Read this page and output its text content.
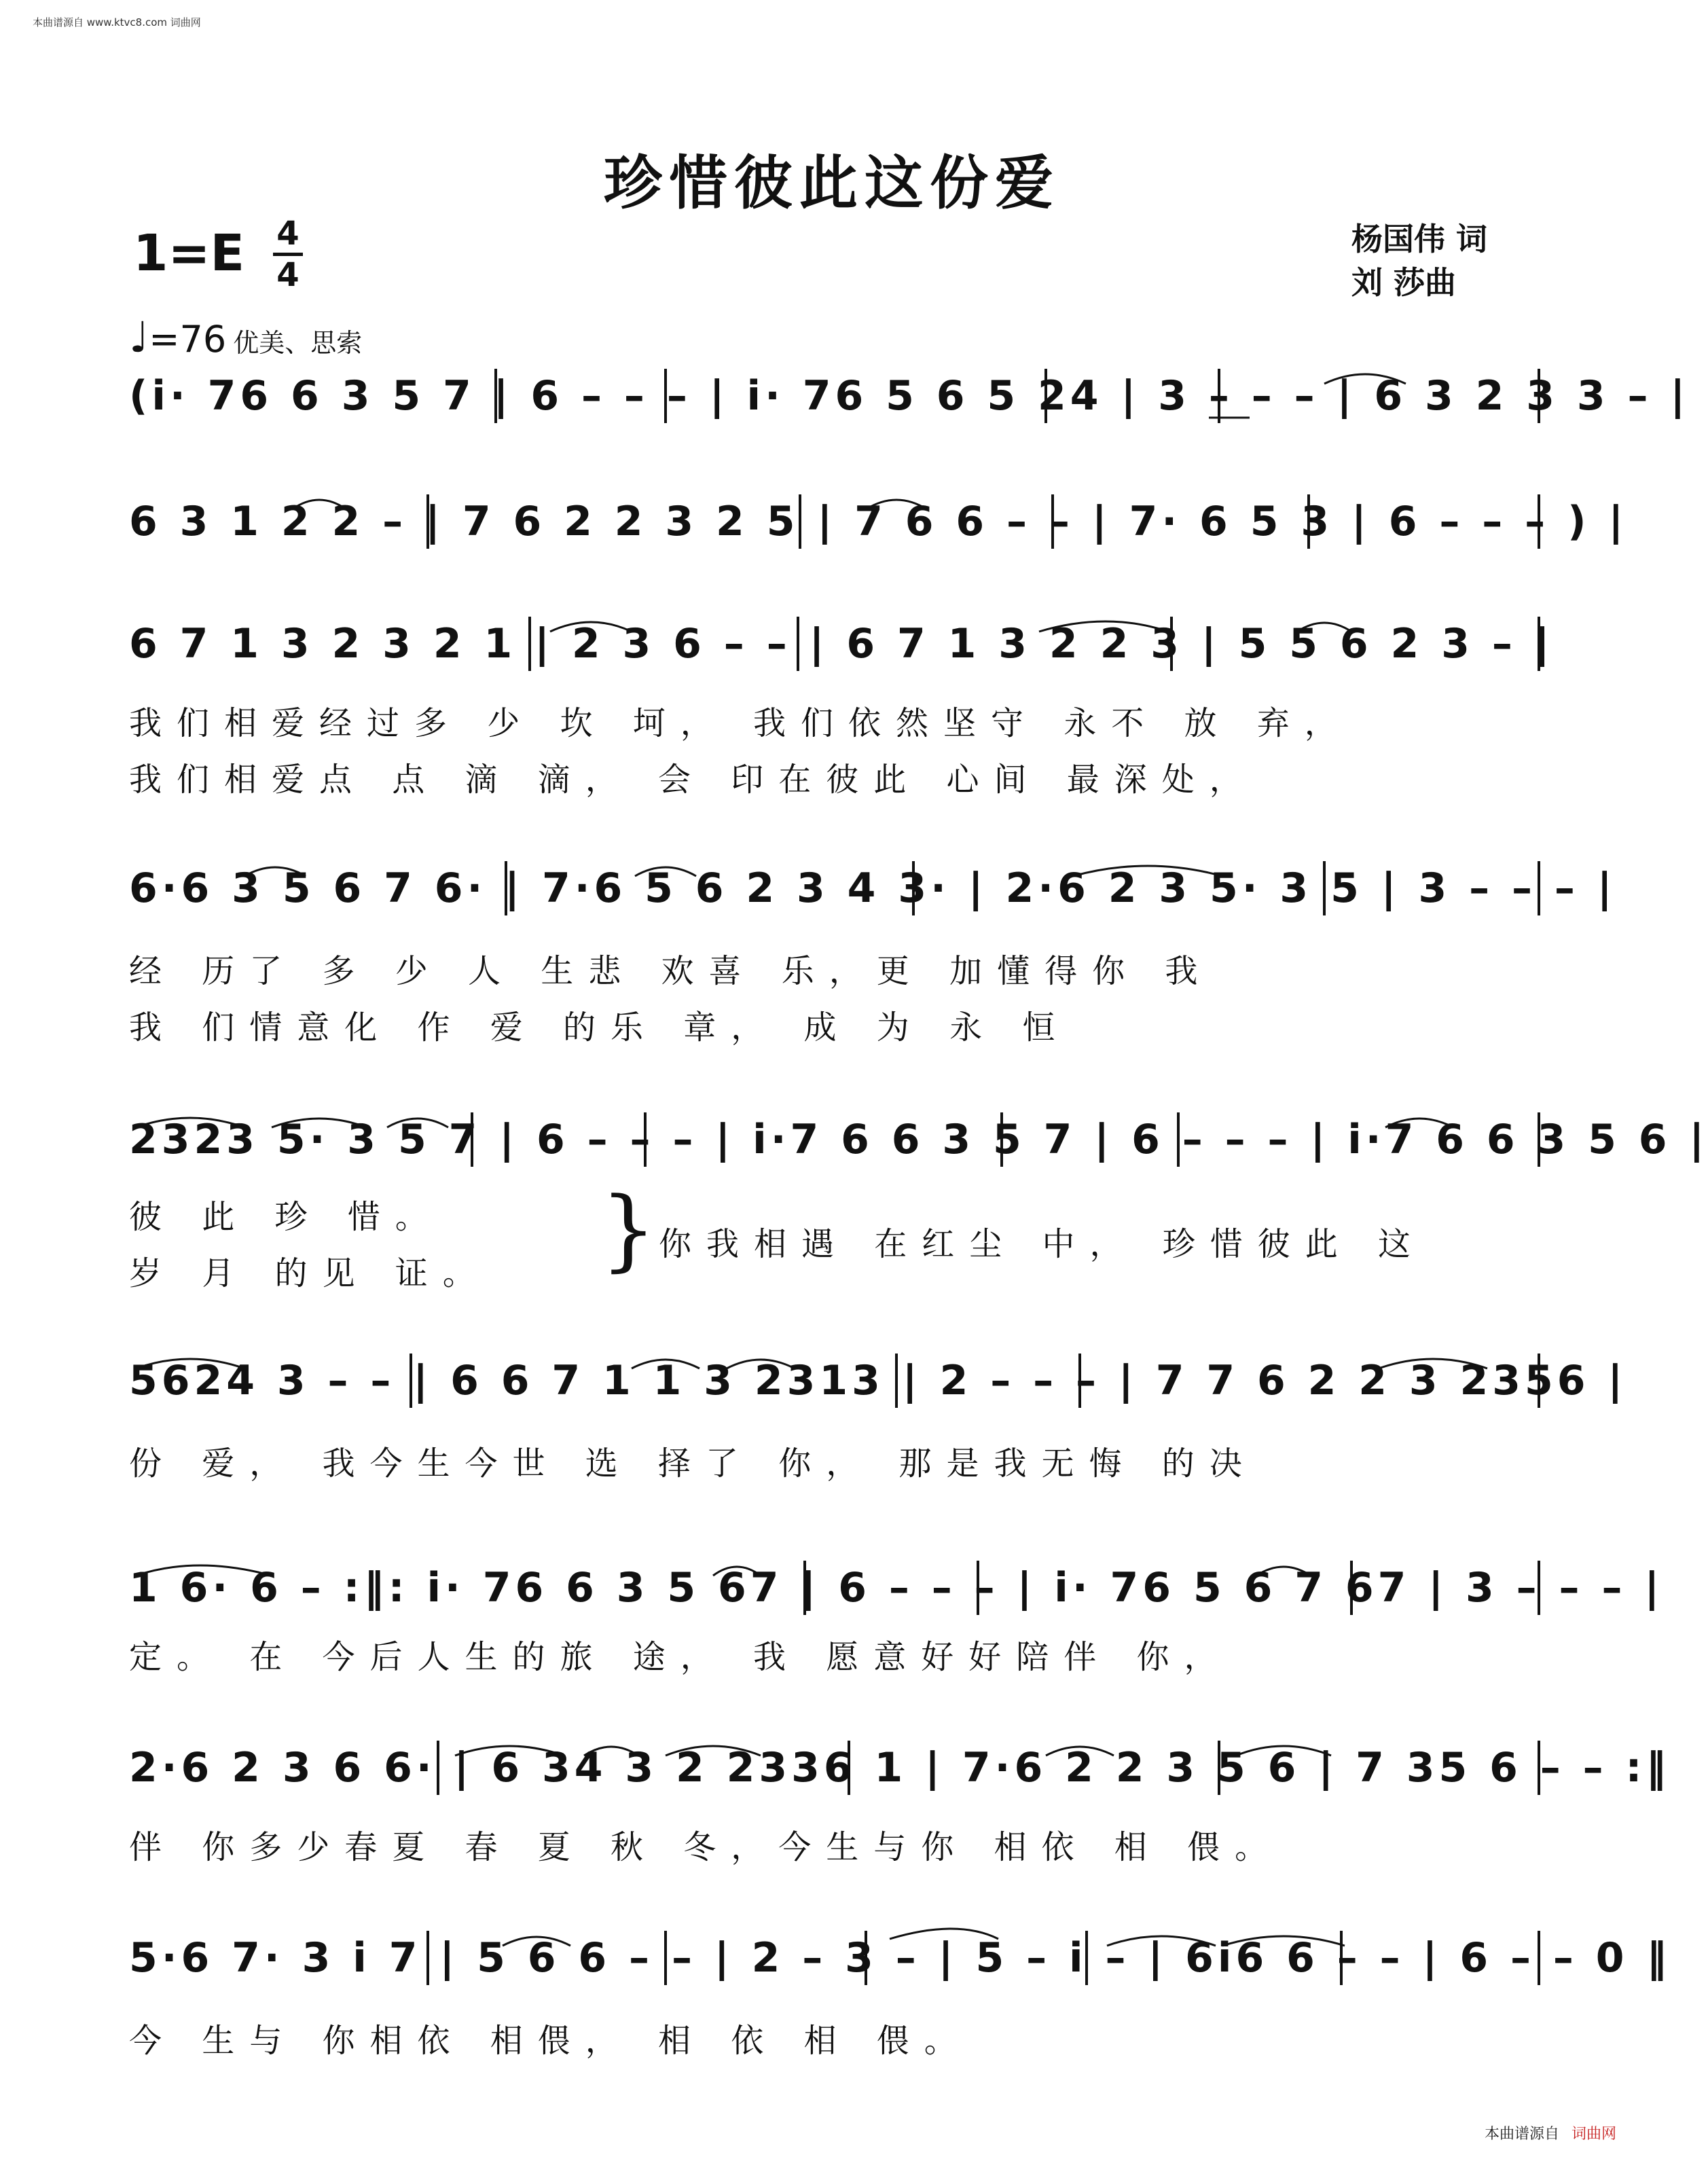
本曲谱源自 www.ktvc8.com 词曲网
珍惜彼此这份爱
1=E 4
4
♩=76 优美、思索
杨国伟 词
刘 莎曲
(i· 76 6 3 5 7 | 6 – – – | i· 76 5 6 5 24 | 3 – – – | 6 3 2 3 3 – |
6 3 1 2 2 – | 7 6 2 2 3 2 5 | 7 6 6 – – | 7· 6 5 3 | 6 – – – ) |
6 7 1 3 2 3 2 1 | 2 3 6 – – | 6 7 1 3 2 2 3 | 5 5 6 2 3 – |
我们相爱经过多 少 坎 坷， 我们依然坚守 永不 放 弃，
我们相爱点 点 滴 滴， 会 印在彼此 心间 最深处，
6·6 3 5 6 7 6· | 7·6 5 6 2 3 4 3· | 2·6 2 3 5· 3 5 | 3 – – – |
经 历了 多 少 人 生悲 欢喜 乐，更 加懂得你 我
我 们情意化 作 爱 的乐 章， 成 为 永 恒
2323 5· 3 5 7 | 6 – – – | i·7 6 6 3 5 7 | 6 – – – | i·7 6 6 3 5 6 |
彼 此 珍 惜。
岁 月 的见 证。	} 你我相遇 在红尘 中， 珍惜彼此 这
5624 3 – – | 6 6 7 1 1 3 2313 | 2 – – – | 7 7 6 2 2 3 2356 |
份 爱， 我今生今世 选 择了 你， 那是我无悔 的决
1 6· 6 – :‖: i· 76 6 3 5 67 | 6 – – – | i· 76 5 6 7 67 | 3 – – – |
定。 在 今后人生的旅 途， 我 愿意好好陪伴 你，
2·6 2 3 6 6· | 6 34 3 2 2336 1 | 7·6 2 2 3 5 6 | 7 35 6 – – :‖
伴 你多少春夏 春 夏 秋 冬，今生与你 相依 相 偎。
5·6 7· 3 i 7 | 5 6 6 – – | 2 – 3 – | 5 – i – | 6i6 6 – – | 6 – – 0 ‖
今 生与 你相依 相偎， 相 依 相 偎。
本曲谱源自 词曲网
